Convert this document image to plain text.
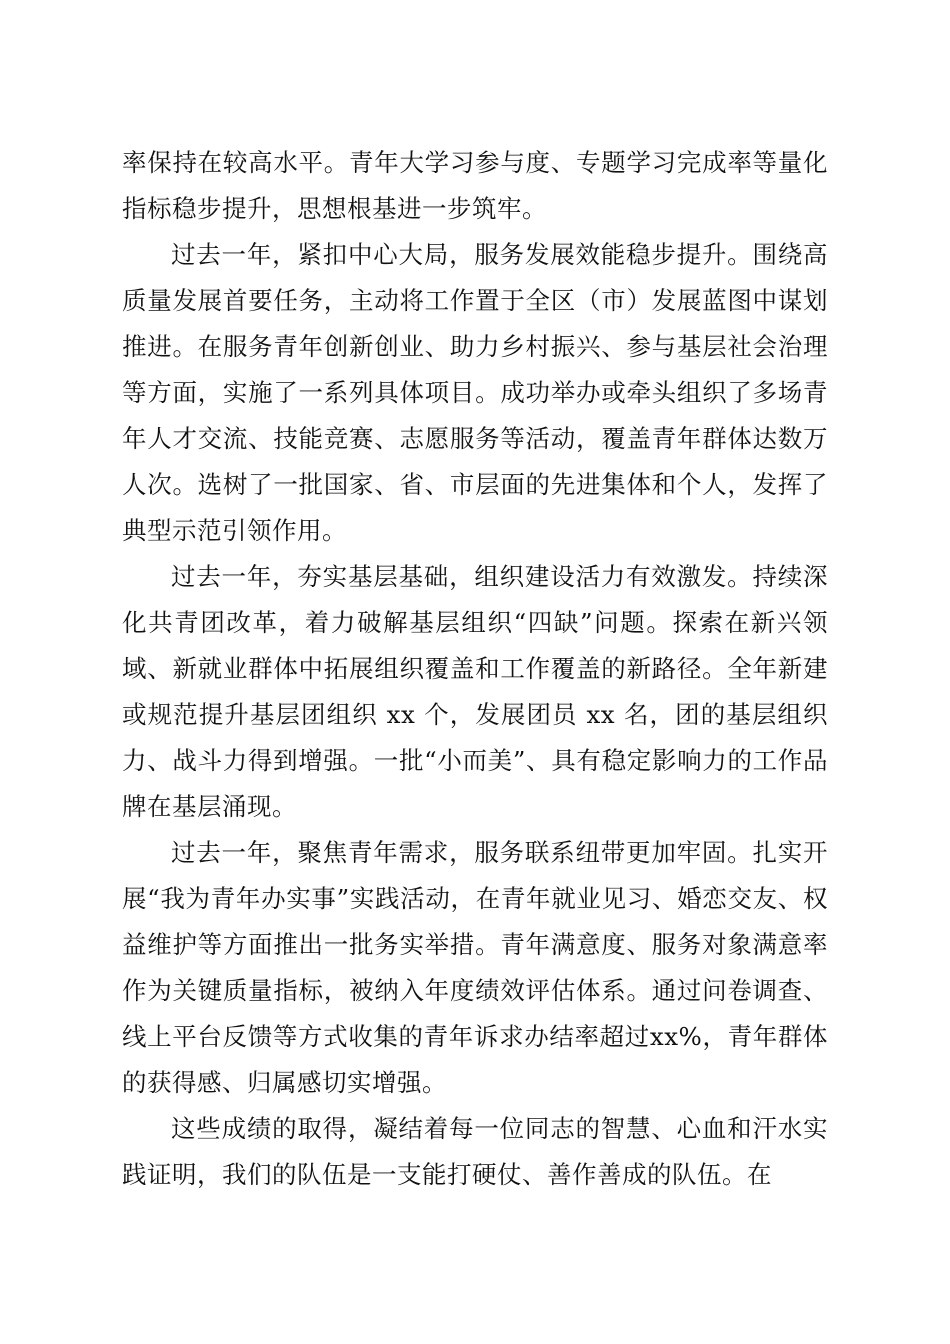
率保持在较高水平。青年大学习参与度、专题学习完成率等量化指标稳步提升，思想根基进一步筑牢。

过去一年，紧扣中心大局，服务发展效能稳步提升。围绕高质量发展首要任务，主动将工作置于全区（市）发展蓝图中谋划推进。在服务青年创新创业、助力乡村振兴、参与基层社会治理等方面，实施了一系列具体项目。成功举办或牵头组织了多场青年人才交流、技能竞赛、志愿服务等活动，覆盖青年群体达数万人次。选树了一批国家、省、市层面的先进集体和个人，发挥了典型示范引领作用。

过去一年，夯实基层基础，组织建设活力有效激发。持续深化共青团改革，着力破解基层组织“四缺”问题。探索在新兴领域、新就业群体中拓展组织覆盖和工作覆盖的新路径。全年新建或规范提升基层团组织 xx 个，发展团员 xx 名，团的基层组织力、战斗力得到增强。一批“小而美”、具有稳定影响力的工作品牌在基层涌现。

过去一年，聚焦青年需求，服务联系纽带更加牢固。扎实开展“我为青年办实事”实践活动，在青年就业见习、婚恋交友、权益维护等方面推出一批务实举措。青年满意度、服务对象满意率作为关键质量指标，被纳入年度绩效评估体系。通过问卷调查、线上平台反馈等方式收集的青年诉求办结率超过xx%，青年群体的获得感、归属感切实增强。

这些成绩的取得，凝结着每一位同志的智慧、心血和汗水实践证明，我们的队伍是一支能打硬仗、善作善成的队伍。在
